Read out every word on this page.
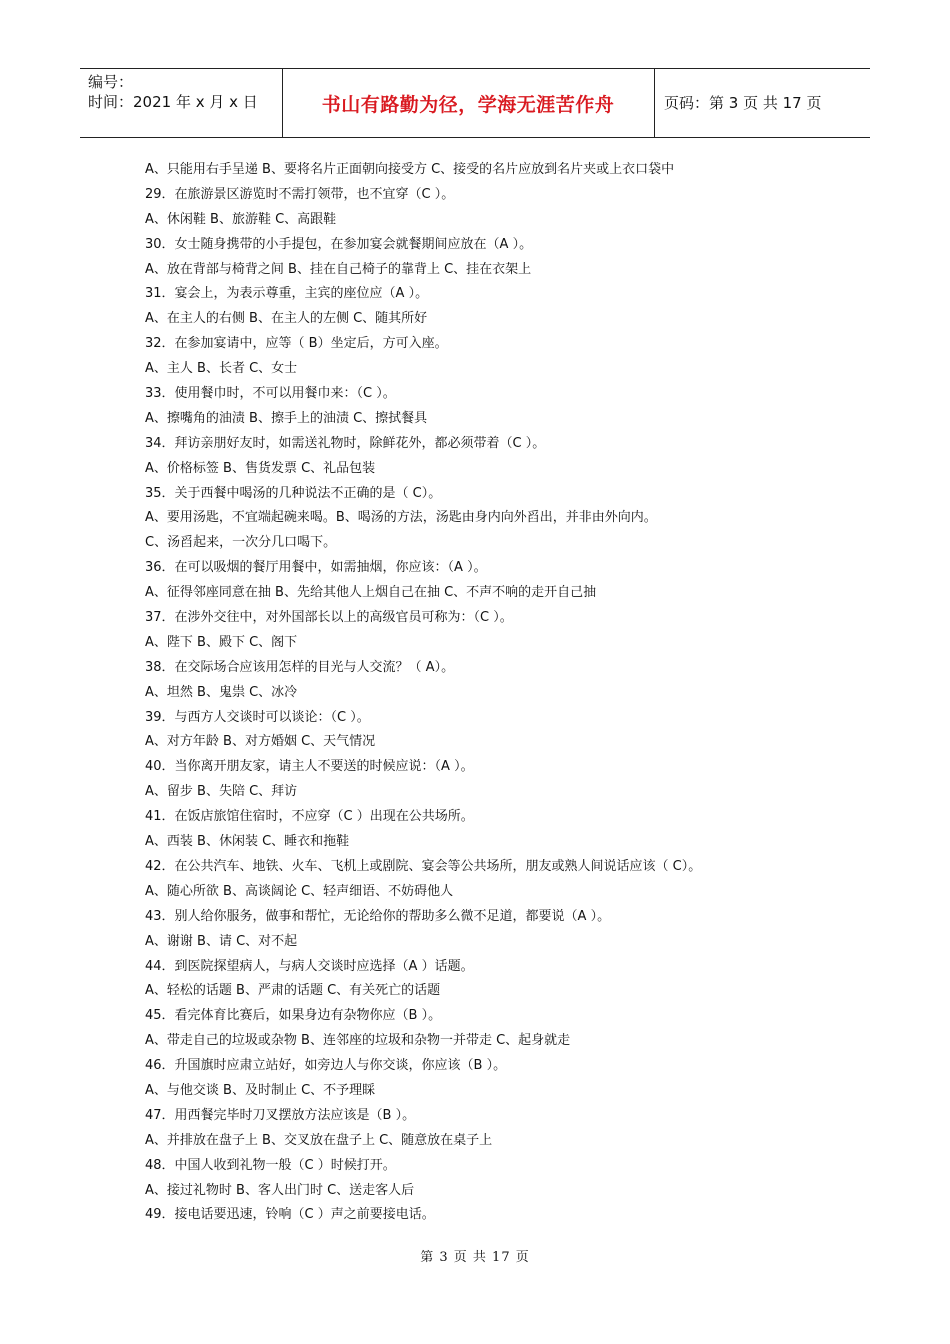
编号：
时间：2021 年 x 月 x 日	书山有路勤为径，学海无涯苦作舟	页码：第 3 页 共 17 页
A、只能用右手呈递 B、要将名片正面朝向接受方 C、接受的名片应放到名片夹或上衣口袋中
29．在旅游景区游览时不需打领带，也不宜穿（C ）。
A、休闲鞋 B、旅游鞋 C、高跟鞋
30．女士随身携带的小手提包，在参加宴会就餐期间应放在（A ）。
A、放在背部与椅背之间 B、挂在自己椅子的靠背上 C、挂在衣架上
31．宴会上，为表示尊重，主宾的座位应（A ）。
A、在主人的右侧 B、在主人的左侧 C、随其所好
32．在参加宴请中，应等（ B）坐定后，方可入座。
A、主人 B、长者 C、女士
33．使用餐巾时，不可以用餐巾来：（C ）。
A、擦嘴角的油渍 B、擦手上的油渍 C、擦拭餐具
34．拜访亲朋好友时，如需送礼物时，除鲜花外，都必须带着（C ）。
A、价格标签 B、售货发票 C、礼品包装
35．关于西餐中喝汤的几种说法不正确的是（ C）。
A、要用汤匙，不宜端起碗来喝。B、喝汤的方法，汤匙由身内向外舀出，并非由外向内。
C、汤舀起来，一次分几口喝下。
36．在可以吸烟的餐厅用餐中，如需抽烟，你应该：（A ）。
A、征得邻座同意在抽 B、先给其他人上烟自己在抽 C、不声不响的走开自己抽
37．在涉外交往中，对外国部长以上的高级官员可称为：（C ）。
A、陛下 B、殿下 C、阁下
38．在交际场合应该用怎样的目光与人交流？（ A）。
A、坦然 B、鬼祟 C、冰冷
39．与西方人交谈时可以谈论：（C ）。
A、对方年龄 B、对方婚姻 C、天气情况
40．当你离开朋友家，请主人不要送的时候应说：（A ）。
A、留步 B、失陪 C、拜访
41．在饭店旅馆住宿时，不应穿（C ）出现在公共场所。
A、西装 B、休闲装 C、睡衣和拖鞋
42．在公共汽车、地铁、火车、飞机上或剧院、宴会等公共场所，朋友或熟人间说话应该（ C）。
A、随心所欲 B、高谈阔论 C、轻声细语、不妨碍他人
43．别人给你服务，做事和帮忙，无论给你的帮助多么微不足道，都要说（A ）。
A、谢谢 B、请 C、对不起
44．到医院探望病人，与病人交谈时应选择（A ）话题。
A、轻松的话题 B、严肃的话题 C、有关死亡的话题
45．看完体育比赛后，如果身边有杂物你应（B ）。
A、带走自己的垃圾或杂物 B、连邻座的垃圾和杂物一并带走 C、起身就走
46．升国旗时应肃立站好，如旁边人与你交谈，你应该（B ）。
A、与他交谈 B、及时制止 C、不予理睬
47．用西餐完毕时刀叉摆放方法应该是（B ）。
A、并排放在盘子上 B、交叉放在盘子上 C、随意放在桌子上
48．中国人收到礼物一般（C ）时候打开。
A、接过礼物时 B、客人出门时 C、送走客人后
49．接电话要迅速，铃响（C ）声之前要接电话。
第 3 页 共 17 页
